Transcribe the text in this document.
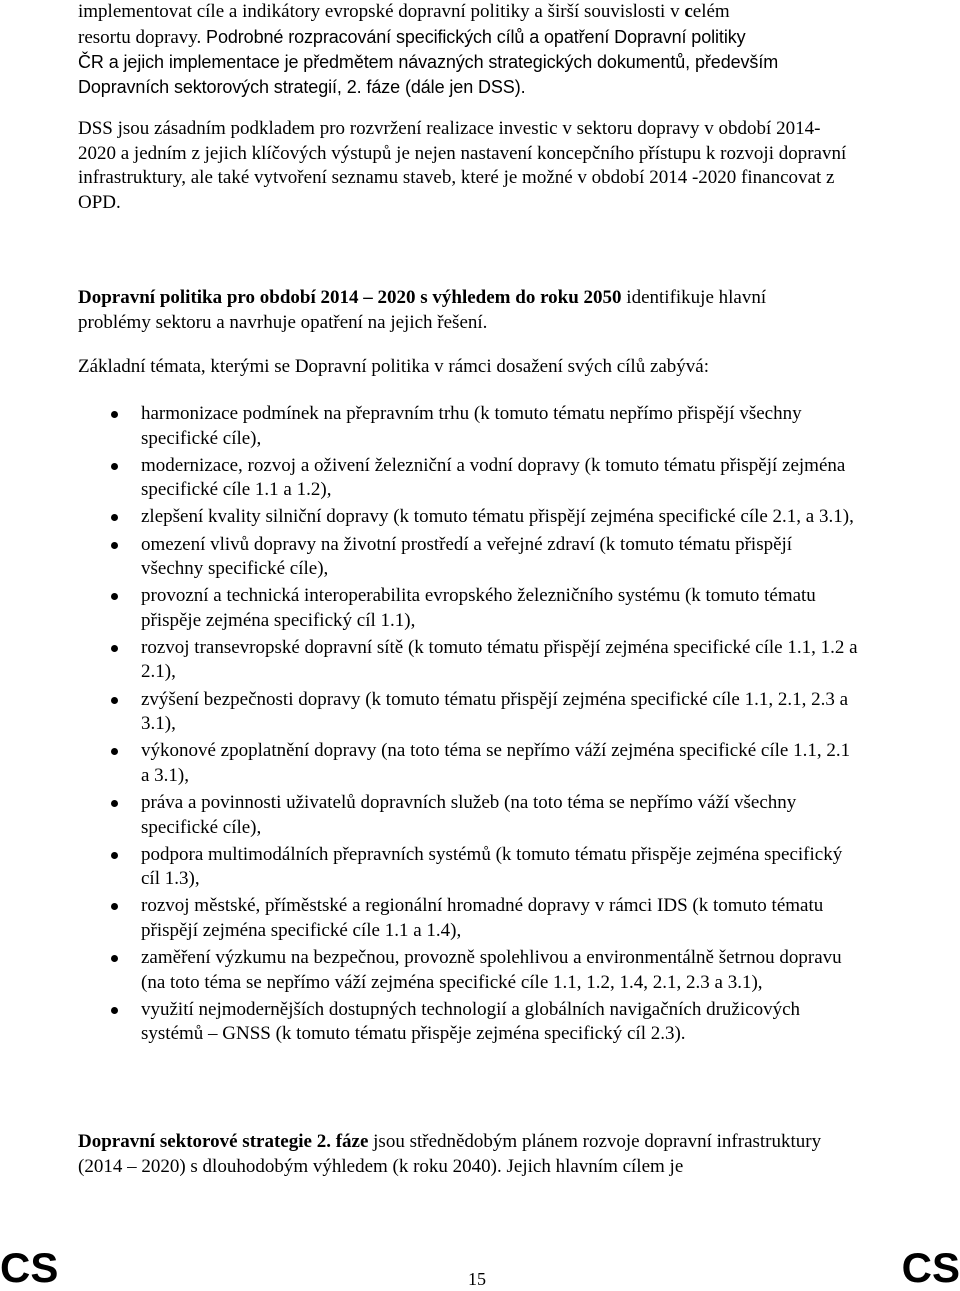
implementovat cíle a indikátory evropské dopravní politiky a širší souvislosti v celém
resortu dopravy. Podrobné rozpracování specifických cílů a opatření Dopravní politiky
ČR a jejich implementace je předmětem návazných strategických dokumentů, především
Dopravních sektorových strategií, 2. fáze (dále jen DSS).

DSS jsou zásadním podkladem pro rozvržení realizace investic v sektoru dopravy v období 2014-2020 a jedním z jejich klíčových výstupů je nejen nastavení koncepčního přístupu k rozvoji dopravní infrastruktury, ale také vytvoření seznamu staveb, které je možné v období 2014 -2020 financovat z OPD.

Dopravní politika pro období 2014 – 2020 s výhledem do roku 2050 identifikuje hlavní problémy sektoru a navrhuje opatření na jejich řešení.

Základní témata, kterými se Dopravní politika v rámci dosažení svých cílů zabývá:

harmonizace podmínek na přepravním trhu (k tomuto tématu nepřímo přispějí všechny specifické cíle),
modernizace, rozvoj a oživení železniční a vodní dopravy (k tomuto tématu přispějí zejména specifické cíle 1.1 a 1.2),
zlepšení kvality silniční dopravy (k tomuto tématu přispějí zejména specifické cíle 2.1, a 3.1),
omezení vlivů dopravy na životní prostředí a veřejné zdraví (k tomuto tématu přispějí všechny specifické cíle),
provozní a technická interoperabilita evropského železničního systému (k tomuto tématu přispěje zejména specifický cíl 1.1),
rozvoj transevropské dopravní sítě (k tomuto tématu přispějí zejména specifické cíle 1.1, 1.2 a 2.1),
zvýšení bezpečnosti dopravy (k tomuto tématu přispějí zejména specifické cíle 1.1, 2.1, 2.3 a 3.1),
výkonové zpoplatnění dopravy (na toto téma se nepřímo váží zejména specifické cíle 1.1, 2.1 a 3.1),
práva a povinnosti uživatelů dopravních služeb (na toto téma se nepřímo váží všechny specifické cíle),
podpora multimodálních přepravních systémů (k tomuto tématu přispěje zejména specifický cíl 1.3),
rozvoj městské, příměstské a regionální hromadné dopravy v rámci IDS (k tomuto tématu přispějí zejména specifické cíle 1.1 a 1.4),
zaměření výzkumu na bezpečnou, provozně spolehlivou a environmentálně šetrnou dopravu (na toto téma se nepřímo váží zejména specifické cíle 1.1, 1.2, 1.4, 2.1, 2.3 a 3.1),
využití nejmodernějších dostupných technologií a globálních navigačních družicových systémů – GNSS (k tomuto tématu přispěje zejména specifický cíl 2.3).

Dopravní sektorové strategie 2. fáze jsou střednědobým plánem rozvoje dopravní infrastruktury (2014 – 2020) s dlouhodobým výhledem (k roku 2040). Jejich hlavním cílem je

CS	15	CS
